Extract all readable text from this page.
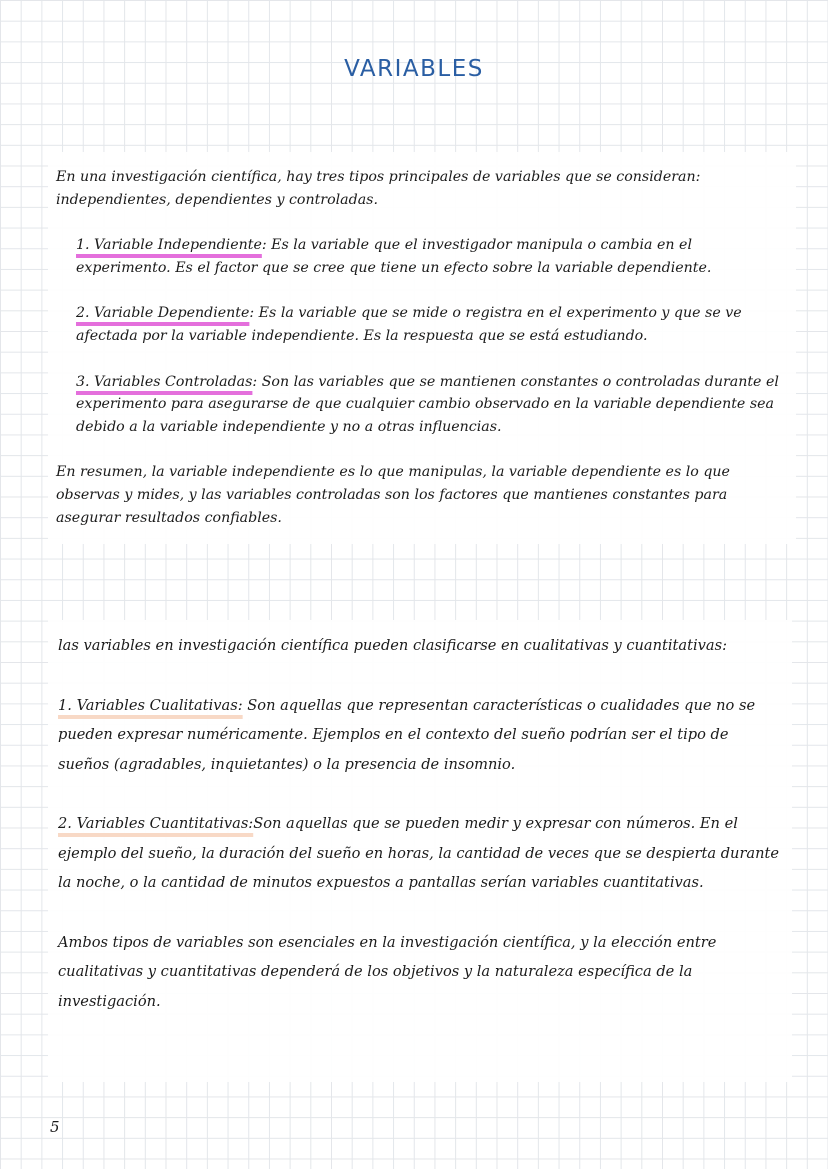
VARIABLES

En una investigación científica, hay tres tipos principales de variables que se consideran: independientes, dependientes y controladas.

1. Variable Independiente: Es la variable que el investigador manipula o cambia en el experimento. Es el factor que se cree que tiene un efecto sobre la variable dependiente.

2. Variable Dependiente: Es la variable que se mide o registra en el experimento y que se ve afectada por la variable independiente. Es la respuesta que se está estudiando.

3. Variables Controladas: Son las variables que se mantienen constantes o controladas durante el experimento para asegurarse de que cualquier cambio observado en la variable dependiente sea debido a la variable independiente y no a otras influencias.

En resumen, la variable independiente es lo que manipulas, la variable dependiente es lo que observas y mides, y las variables controladas son los factores que mantienes constantes para asegurar resultados confiables.

las variables en investigación científica pueden clasificarse en cualitativas y cuantitativas:

1. Variables Cualitativas: Son aquellas que representan características o cualidades que no se pueden expresar numéricamente. Ejemplos en el contexto del sueño podrían ser el tipo de sueños (agradables, inquietantes) o la presencia de insomnio.

2. Variables Cuantitativas:Son aquellas que se pueden medir y expresar con números. En el ejemplo del sueño, la duración del sueño en horas, la cantidad de veces que se despierta durante la noche, o la cantidad de minutos expuestos a pantallas serían variables cuantitativas.

Ambos tipos de variables son esenciales en la investigación científica, y la elección entre cualitativas y cuantitativas dependerá de los objetivos y la naturaleza específica de la investigación.

5
